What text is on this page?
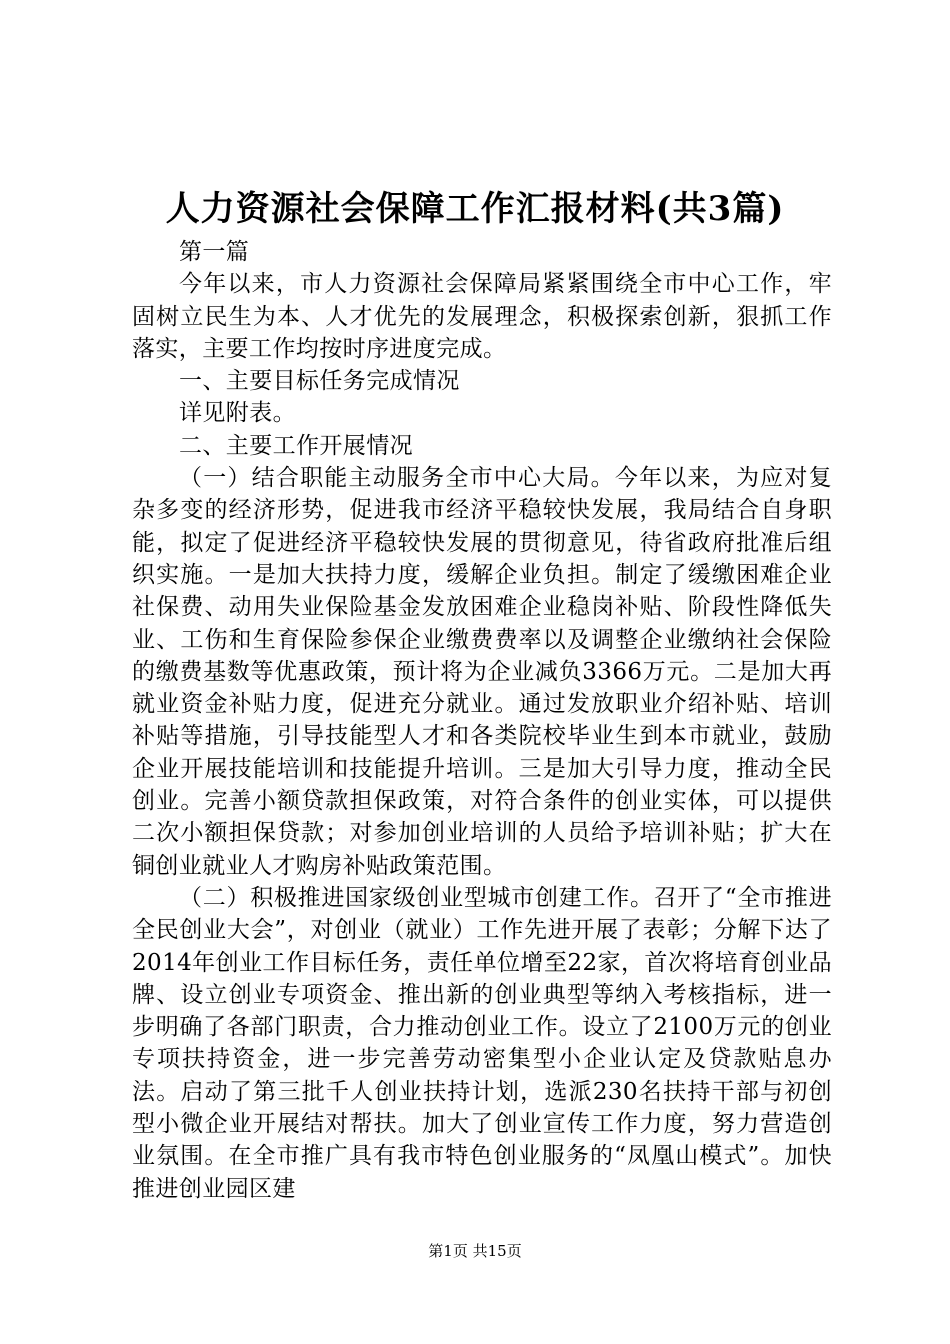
人力资源社会保障工作汇报材料(共3篇)

第一篇

今年以来，市人力资源社会保障局紧紧围绕全市中心工作，牢固树立民生为本、人才优先的发展理念，积极探索创新，狠抓工作落实，主要工作均按时序进度完成。

一、主要目标任务完成情况

详见附表。

二、主要工作开展情况

（一）结合职能主动服务全市中心大局。今年以来，为应对复杂多变的经济形势，促进我市经济平稳较快发展，我局结合自身职能，拟定了促进经济平稳较快发展的贯彻意见，待省政府批准后组织实施。一是加大扶持力度，缓解企业负担。制定了缓缴困难企业社保费、动用失业保险基金发放困难企业稳岗补贴、阶段性降低失业、工伤和生育保险参保企业缴费费率以及调整企业缴纳社会保险的缴费基数等优惠政策，预计将为企业减负3366万元。二是加大再就业资金补贴力度，促进充分就业。通过发放职业介绍补贴、培训补贴等措施，引导技能型人才和各类院校毕业生到本市就业，鼓励企业开展技能培训和技能提升培训。三是加大引导力度，推动全民创业。完善小额贷款担保政策，对符合条件的创业实体，可以提供二次小额担保贷款；对参加创业培训的人员给予培训补贴；扩大在铜创业就业人才购房补贴政策范围。

（二）积极推进国家级创业型城市创建工作。召开了“全市推进全民创业大会”，对创业（就业）工作先进开展了表彰；分解下达了2014年创业工作目标任务，责任单位增至22家，首次将培育创业品牌、设立创业专项资金、推出新的创业典型等纳入考核指标，进一步明确了各部门职责，合力推动创业工作。设立了2100万元的创业专项扶持资金，进一步完善劳动密集型小企业认定及贷款贴息办法。启动了第三批千人创业扶持计划，选派230名扶持干部与初创型小微企业开展结对帮扶。加大了创业宣传工作力度，努力营造创业氛围。在全市推广具有我市特色创业服务的“凤凰山模式”。加快推进创业园区建

第1页 共15页
